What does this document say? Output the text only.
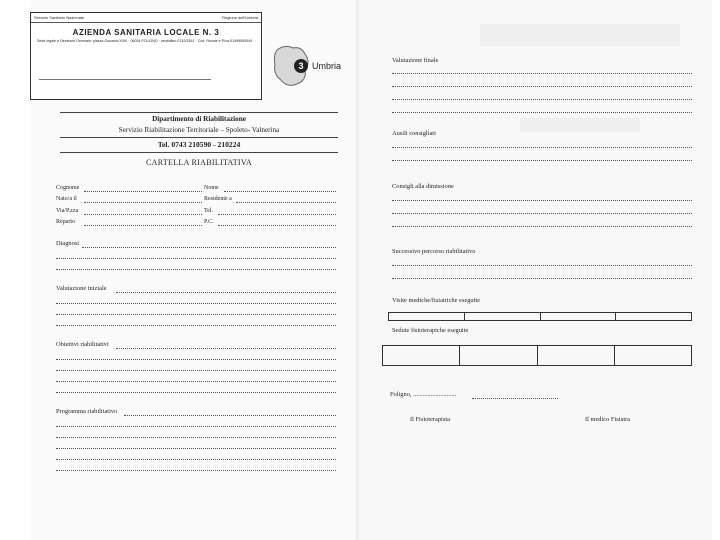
Servizio Sanitario Nazionale	Regione dell'Umbria
AZIENDA SANITARIA LOCALE N. 3
Sede legale e Direzione Generale: piazza Giovanni XXIII · 06034 FOLIGNO · centralino 0742/3391 · Cod. Fiscale e P.iva 01499590549
3 Umbria
Dipartimento di Riabilitazione
Servizio Riabilitazione Territoriale – Spoleto- Valnerina
Tel. 0743 210590 - 210224
CARTELLA RIABILITATIVA
Cognome	Nome
Nato/a il	Residente a
Via/P.zza	Tel.
Reparto	P.C.
Diagnosi
Valutazione iniziale
Obiettivi riabilitativi
Programma riabilitativo
Valutazione finale
Ausili consigliati
Consigli alla dimissione
Successivo percorso riabilitativo
Visite mediche/fisiatriche eseguite
Sedute fisioterapiche eseguite
Foligno, ...........................
Il Fisioterapista	Il medico Fisiatra
